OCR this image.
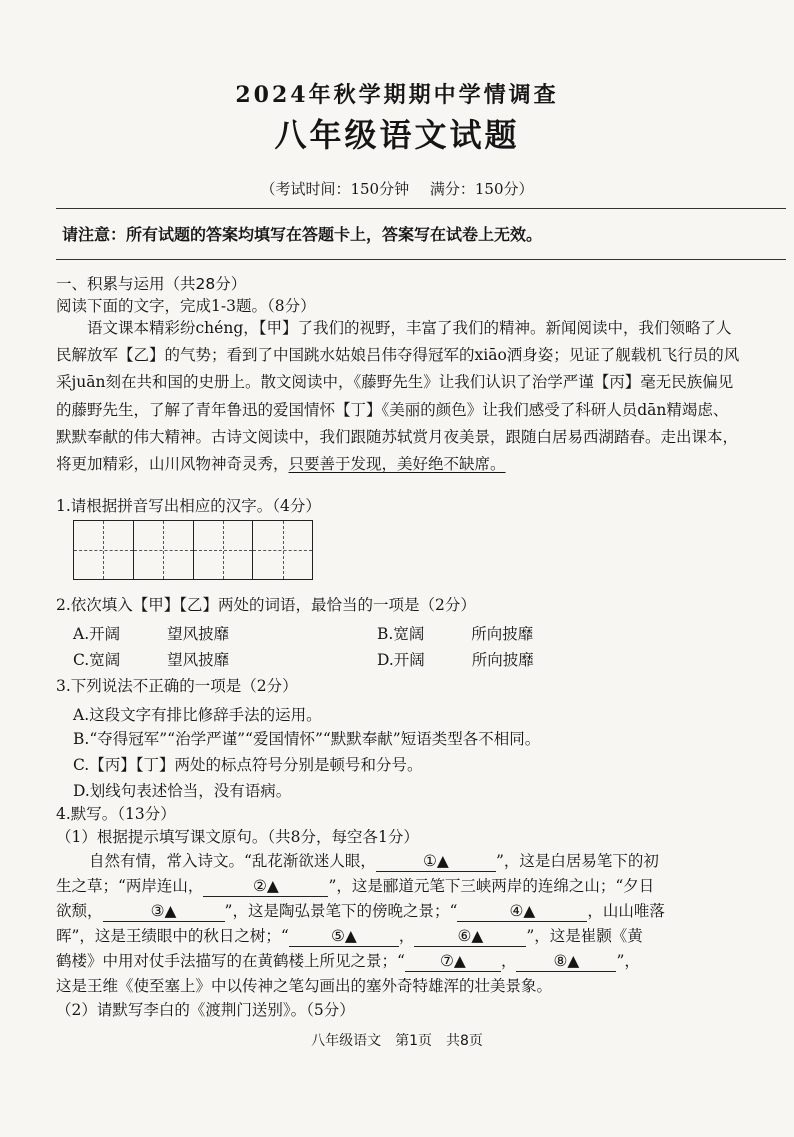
2024年秋学期期中学情调查
八年级语文试题
（考试时间：150分钟 满分：150分）
请注意：所有试题的答案均填写在答题卡上，答案写在试卷上无效。
一、积累与运用（共28分）
阅读下面的文字，完成1-3题。（8分）
语文课本精彩纷chéng，【甲】了我们的视野，丰富了我们的精神。新闻阅读中，我们领略了人民解放军【乙】的气势；看到了中国跳水姑娘吕伟夺得冠军的xiāo洒身姿；见证了舰载机飞行员的风采juān刻在共和国的史册上。散文阅读中，《藤野先生》让我们认识了治学严谨【丙】毫无民族偏见的藤野先生，了解了青年鲁迅的爱国情怀【丁】《美丽的颜色》让我们感受了科研人员dān精竭虑、默默奉献的伟大精神。古诗文阅读中，我们跟随苏轼赏月夜美景，跟随白居易西湖踏春。走出课本，将更加精彩，山川风物神奇灵秀，只要善于发现，美好绝不缺席。
1.请根据拼音写出相应的汉字。（4分）
2.依次填入【甲】【乙】两处的词语，最恰当的一项是（2分）
A.开阔	望风披靡	B.宽阔	所向披靡
C.宽阔	望风披靡	D.开阔	所向披靡
3.下列说法不正确的一项是（2分）
A.这段文字有排比修辞手法的运用。
B.“夺得冠军”“治学严谨”“爱国情怀”“默默奉献”短语类型各不相同。
C.【丙】【丁】两处的标点符号分别是顿号和分号。
D.划线句表述恰当，没有语病。
4.默写。（13分）
（1）根据提示填写课文原句。（共8分，每空各1分）
自然有情，常入诗文。“乱花渐欲迷人眼，	①▲	”，这是白居易笔下的初
生之草；“两岸连山，	②▲	”，这是郦道元笔下三峡两岸的连绵之山；“夕日
欲颓，	③▲	”，这是陶弘景笔下的傍晚之景；“	④▲	，山山唯落
晖”，这是王绩眼中的秋日之树；“	⑤▲	，	⑥▲	”，这是崔颢《黄
鹤楼》中用对仗手法描写的在黄鹤楼上所见之景；“ ⑦▲ ， ⑧▲ ”，
这是王维《使至塞上》中以传神之笔勾画出的塞外奇特雄浑的壮美景象。
（2）请默写李白的《渡荆门送别》。（5分）
八年级语文　第1页　共8页
